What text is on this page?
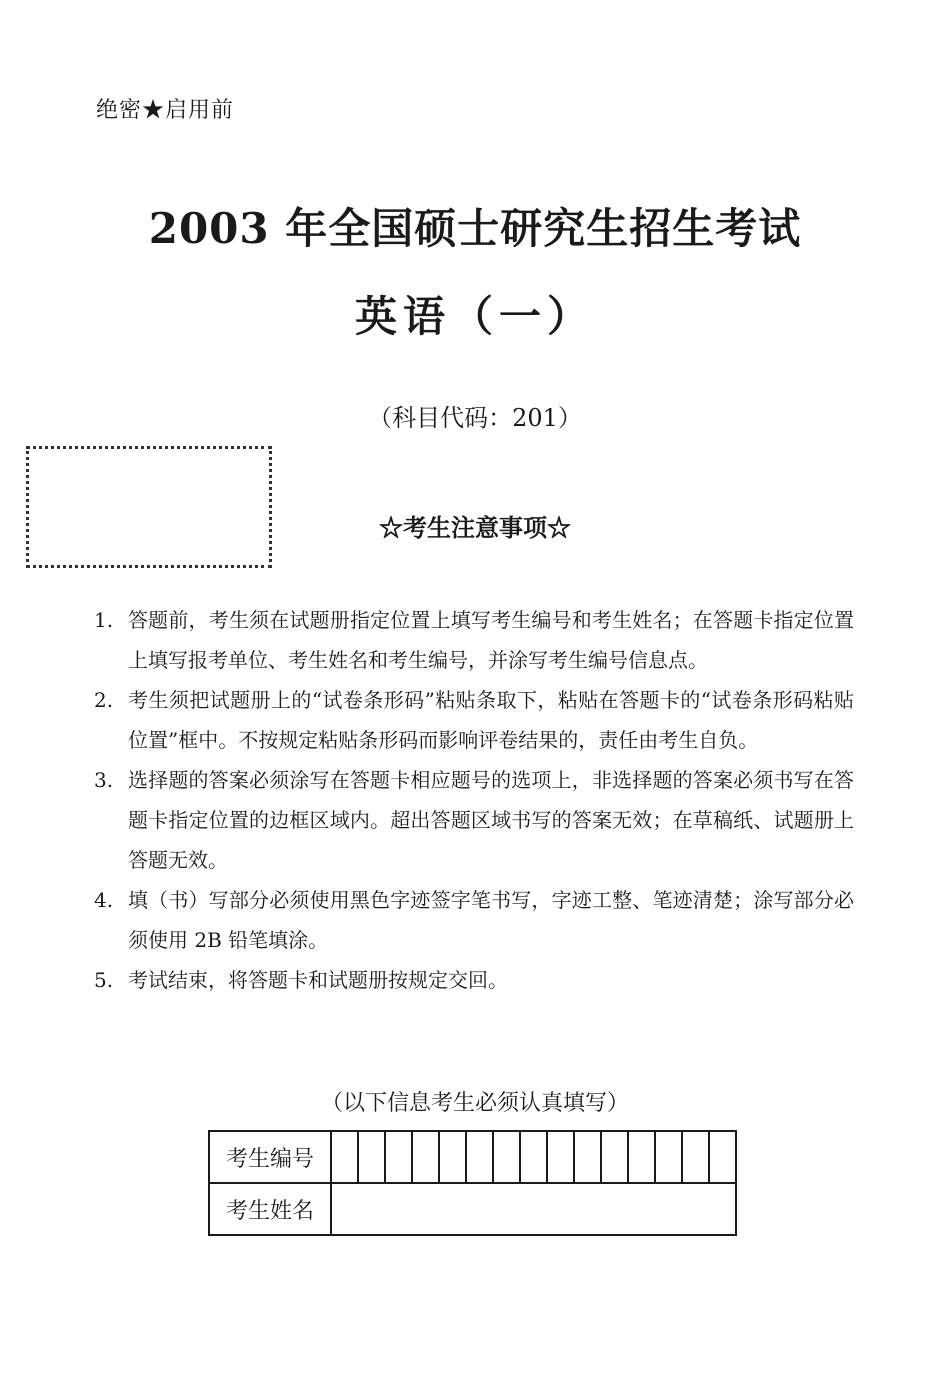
绝密★启用前
2003 年全国硕士研究生招生考试
英语（一）
（科目代码：201）
☆考生注意事项☆
1. 答题前，考生须在试题册指定位置上填写考生编号和考生姓名；在答题卡指定位置上填写报考单位、考生姓名和考生编号，并涂写考生编号信息点。
2. 考生须把试题册上的“试卷条形码”粘贴条取下，粘贴在答题卡的“试卷条形码粘贴位置”框中。不按规定粘贴条形码而影响评卷结果的，责任由考生自负。
3. 选择题的答案必须涂写在答题卡相应题号的选项上，非选择题的答案必须书写在答题卡指定位置的边框区域内。超出答题区域书写的答案无效；在草稿纸、试题册上答题无效。
4. 填（书）写部分必须使用黑色字迹签字笔书写，字迹工整、笔迹清楚；涂写部分必须使用 2B 铅笔填涂。
5. 考试结束，将答题卡和试题册按规定交回。
（以下信息考生必须认真填写）
考生编号															
考生姓名															
